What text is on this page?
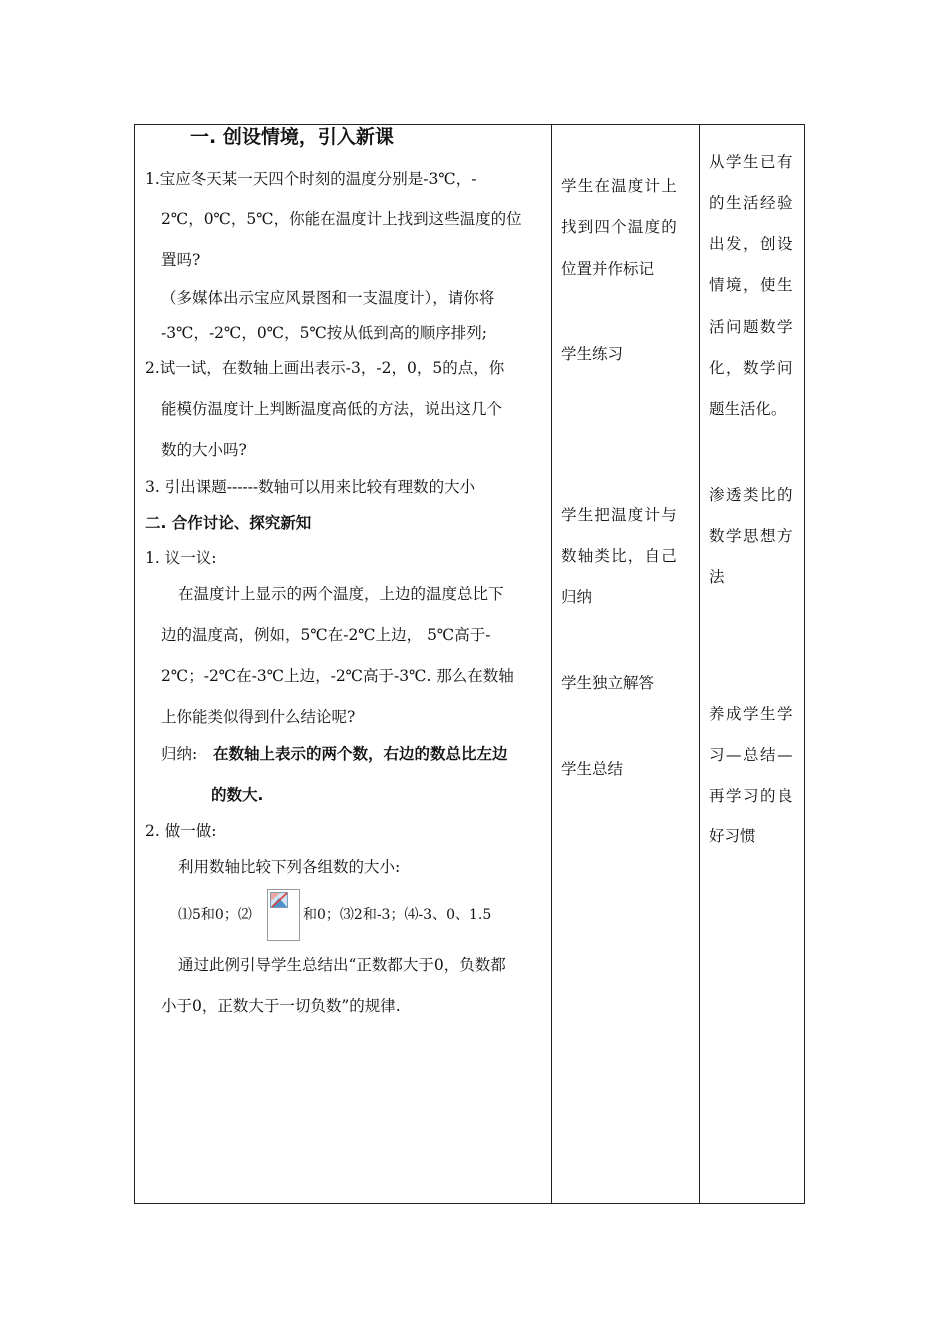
一. 创设情境，引入新课
1.宝应冬天某一天四个时刻的温度分别是-3℃，-
2℃，0℃，5℃，你能在温度计上找到这些温度的位
置吗?
（多媒体出示宝应风景图和一支温度计），请你将
-3℃，-2℃，0℃，5℃按从低到高的顺序排列;
2.试一试，在数轴上画出表示-3，-2，0，5的点，你
能模仿温度计上判断温度高低的方法，说出这几个
数的大小吗?
3. 引出课题------数轴可以用来比较有理数的大小
二. 合作讨论、探究新知
1. 议一议:
在温度计上显示的两个温度，上边的温度总比下
边的温度高，例如，5℃在-2℃上边， 5℃高于-
2℃；-2℃在-3℃上边，-2℃高于-3℃. 那么在数轴
上你能类似得到什么结论呢?
归纳: 在数轴上表示的两个数，右边的数总比左边
的数大.
2. 做一做:
利用数轴比较下列各组数的大小:
⑴5和0；⑵	和0；⑶2和-3；⑷-3、0、1.5
通过此例引导学生总结出“正数都大于0，负数都
小于0，正数大于一切负数”的规律.
学生在温度计上
找到四个温度的
位置并作标记
学生练习
学生把温度计与
数轴类比，自己
归纳
学生独立解答
学生总结
从学生已有
的生活经验
出发，创设
情境，使生
活问题数学
化，数学问
题生活化。
渗透类比的
数学思想方
法
养成学生学
习—总结—
再学习的良
好习惯
